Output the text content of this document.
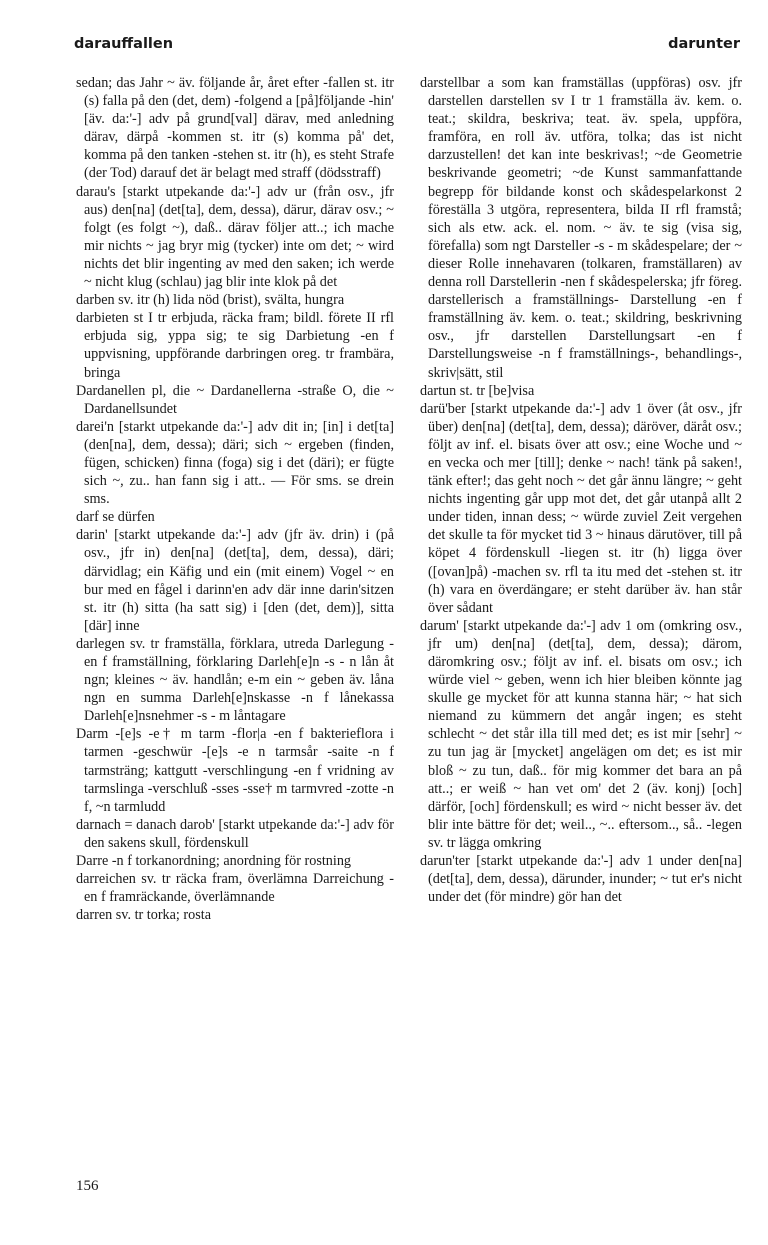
darauffallen	darunter

sedan; das Jahr ~ äv. följande år, året efter -fallen st. itr (s) falla på den (det, dem) -folgend a [på]följande -hin' [äv. da:'-] adv på grund[val] därav, med anledning därav, därpå -kommen st. itr (s) komma på' det, komma på den tanken -stehen st. itr (h), es steht Strafe (der Tod) darauf det är belagt med straff (dödsstraff)

darau's [starkt utpekande da:'-] adv ur (från osv., jfr aus) den[na] (det[ta], dem, dessa), därur, därav osv.; ~ folgt (es folgt ~), daß.. därav följer att..; ich mache mir nichts ~ jag bryr mig (tycker) inte om det; ~ wird nichts det blir ingenting av med den saken; ich werde ~ nicht klug (schlau) jag blir inte klok på det

darben sv. itr (h) lida nöd (brist), svälta, hungra

darbieten st I tr erbjuda, räcka fram; bildl. förete II rfl erbjuda sig, yppa sig; te sig Darbietung -en f uppvisning, uppförande darbringen oreg. tr frambära, bringa

Dardanellen pl, die ~ Dardanellerna -straße O, die ~ Dardanellsundet

darei'n [starkt utpekande da:'-] adv dit in; [in] i det[ta] (den[na], dem, dessa); däri; sich ~ ergeben (finden, fügen, schicken) finna (foga) sig i det (däri); er fügte sich ~, zu.. han fann sig i att.. — För sms. se drein sms.

darf se dürfen

darin' [starkt utpekande da:'-] adv (jfr äv. drin) i (på osv., jfr in) den[na] (det[ta], dem, dessa), däri; därvidlag; ein Käfig und ein (mit einem) Vogel ~ en bur med en fågel i darinn'en adv där inne darin'sitzen st. itr (h) sitta (ha satt sig) i [den (det, dem)], sitta [där] inne

darlegen sv. tr framställa, förklara, utreda Darlegung -en f framställning, förklaring Darleh[e]n -s - n lån åt ngn; kleines ~ äv. handlån; e-m ein ~ geben äv. låna ngn en summa Darleh[e]nskasse -n f lånekassa Darleh[e]nsnehmer -s - m låntagare

Darm -[e]s -e† m tarm -flor|a -en f bakterieflora i tarmen -geschwür -[e]s -e n tarmsår -saite -n f tarmsträng; kattgutt -verschlingung -en f vridning av tarmslinga -verschluß -sses -sse† m tarmvred -zotte -n f, ~n tarmludd

darnach = danach darob' [starkt utpekande da:'-] adv för den sakens skull, fördenskull

Darre -n f torkanordning; anordning för rostning

darreichen sv. tr räcka fram, överlämna Darreichung -en f framräckande, överlämnande

darren sv. tr torka; rosta

darstellbar a som kan framställas (uppföras) osv. jfr darstellen darstellen sv I tr 1 framställa äv. kem. o. teat.; skildra, beskriva; teat. äv. spela, uppföra, framföra, en roll äv. utföra, tolka; das ist nicht darzustellen! det kan inte beskrivas!; ~de Geometrie beskrivande geometri; ~de Kunst sammanfattande begrepp för bildande konst och skådespelarkonst 2 föreställa 3 utgöra, representera, bilda II rfl framstå; sich als etw. ack. el. nom. ~ äv. te sig (visa sig, förefalla) som ngt Darsteller -s - m skådespelare; der ~ dieser Rolle innehavaren (tolkaren, framställaren) av denna roll Darstellerin -nen f skådespelerska; jfr föreg. darstellerisch a framställnings- Darstellung -en f framställning äv. kem. o. teat.; skildring, beskrivning osv., jfr darstellen Darstellungsart -en f Darstellungsweise -n f framställnings-, behandlings-, skriv|sätt, stil

dartun st. tr [be]visa

darü'ber [starkt utpekande da:'-] adv 1 över (åt osv., jfr über) den[na] (det[ta], dem, dessa); däröver, däråt osv.; följt av inf. el. bisats över att osv.; eine Woche und ~ en vecka och mer [till]; denke ~ nach! tänk på saken!, tänk efter!; das geht noch ~ det går ännu längre; ~ geht nichts ingenting går upp mot det, det går utanpå allt 2 under tiden, innan dess; ~ würde zuviel Zeit vergehen det skulle ta för mycket tid 3 ~ hinaus därutöver, till på köpet 4 fördenskull -liegen st. itr (h) ligga över ([ovan]på) -machen sv. rfl ta itu med det -stehen st. itr (h) vara en överdängare; er steht darüber äv. han står över sådant

darum' [starkt utpekande da:'-] adv 1 om (omkring osv., jfr um) den[na] (det[ta], dem, dessa); därom, däromkring osv.; följt av inf. el. bisats om osv.; ich würde viel ~ geben, wenn ich hier bleiben könnte jag skulle ge mycket för att kunna stanna här; ~ hat sich niemand zu kümmern det angår ingen; es steht schlecht ~ det står illa till med det; es ist mir [sehr] ~ zu tun jag är [mycket] angelägen om det; es ist mir bloß ~ zu tun, daß.. för mig kommer det bara an på att..; er weiß ~ han vet om' det 2 (äv. konj) [och] därför, [och] fördenskull; es wird ~ nicht besser äv. det blir inte bättre för det; weil.., ~.. eftersom.., så.. -legen sv. tr lägga omkring

darun'ter [starkt utpekande da:'-] adv 1 under den[na] (det[ta], dem, dessa), därunder, inunder; ~ tut er's nicht under det (för mindre) gör han det

156
